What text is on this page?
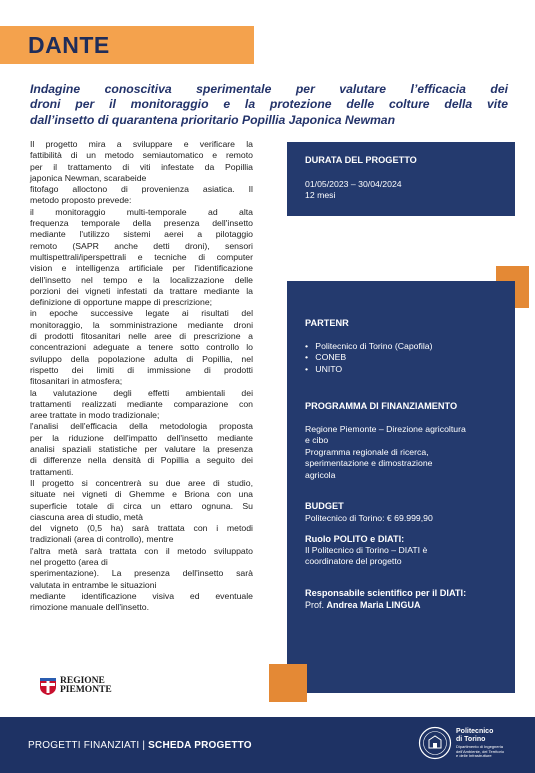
DANTE
Indagine conoscitiva sperimentale per valutare l’efficacia dei
droni per il monitoraggio e la protezione delle colture della vite
dall’insetto di quarantena prioritario Popillia Japonica Newman
Il progetto mira a sviluppare e verificare la
fattibilità di un metodo semiautomatico e remoto
per il trattamento di viti infestate da Popillia
japonica Newman, scarabeide
fitofago alloctono di provenienza asiatica. Il
metodo proposto prevede:
il monitoraggio multi-temporale ad alta
frequenza temporale della presenza dell'insetto
mediante l'utilizzo sistemi aerei a pilotaggio
remoto (SAPR anche detti droni), sensori
multispettrali/iperspettrali e tecniche di computer
vision e intelligenza artificiale per l'identificazione
dell'insetto nel tempo e la localizzazione delle
porzioni dei vigneti infestati da trattare mediante la
definizione di opportune mappe di prescrizione;
in epoche successive legate ai risultati del
monitoraggio, la somministrazione mediante droni
di prodotti fitosanitari nelle aree di prescrizione a
concentrazioni adeguate a tenere sotto controllo lo
sviluppo della popolazione adulta di Popillia, nel
rispetto dei limiti di immissione di prodotti
fitosanitari in atmosfera;
la valutazione degli effetti ambientali dei
trattamenti realizzati mediante comparazione con
aree trattate in modo tradizionale;
l'analisi dell'efficacia della metodologia proposta
per la riduzione dell'impatto dell'insetto mediante
analisi spaziali statistiche per valutare la presenza
di differenze nella densità di Popillia a seguito dei
trattamenti.
Il progetto si concentrerà su due aree di studio,
situate nei vigneti di Ghemme e Briona con una
superficie totale di circa un ettaro ognuna. Su
ciascuna area di studio, metà
del vigneto (0,5 ha) sarà trattata con i metodi
tradizionali (area di controllo), mentre
l'altra metà sarà trattata con il metodo sviluppato
nel progetto (area di
sperimentazione). La presenza dell'insetto sarà
valutata in entrambe le situazioni
mediante identificazione visiva ed eventuale
rimozione manuale dell'insetto.
DURATA DEL PROGETTO
01/05/2023 – 30/04/2024
12 mesi
PARTENR
•   Politecnico di Torino (Capofila)
•   CONEB
•   UNITO
PROGRAMMA DI FINANZIAMENTO
Regione Piemonte – Direzione agricoltura
e cibo
Programma regionale di ricerca,
sperimentazione e dimostrazione
agricola
BUDGET
Politecnico di Torino: € 69.999,90
Ruolo POLITO e DIATI:
Il Politecnico di Torino – DIATI è
coordinatore del progetto
Responsabile scientifico per il DIATI:
Prof. Andrea Maria LINGUA
REGIONE
PIEMONTE
PROGETTI FINANZIATI | SCHEDA PROGETTO
Politecnico
di Torino
Dipartimento di Ingegneria
dell'Ambiente, del Territorio
e delle Infrastrutture
